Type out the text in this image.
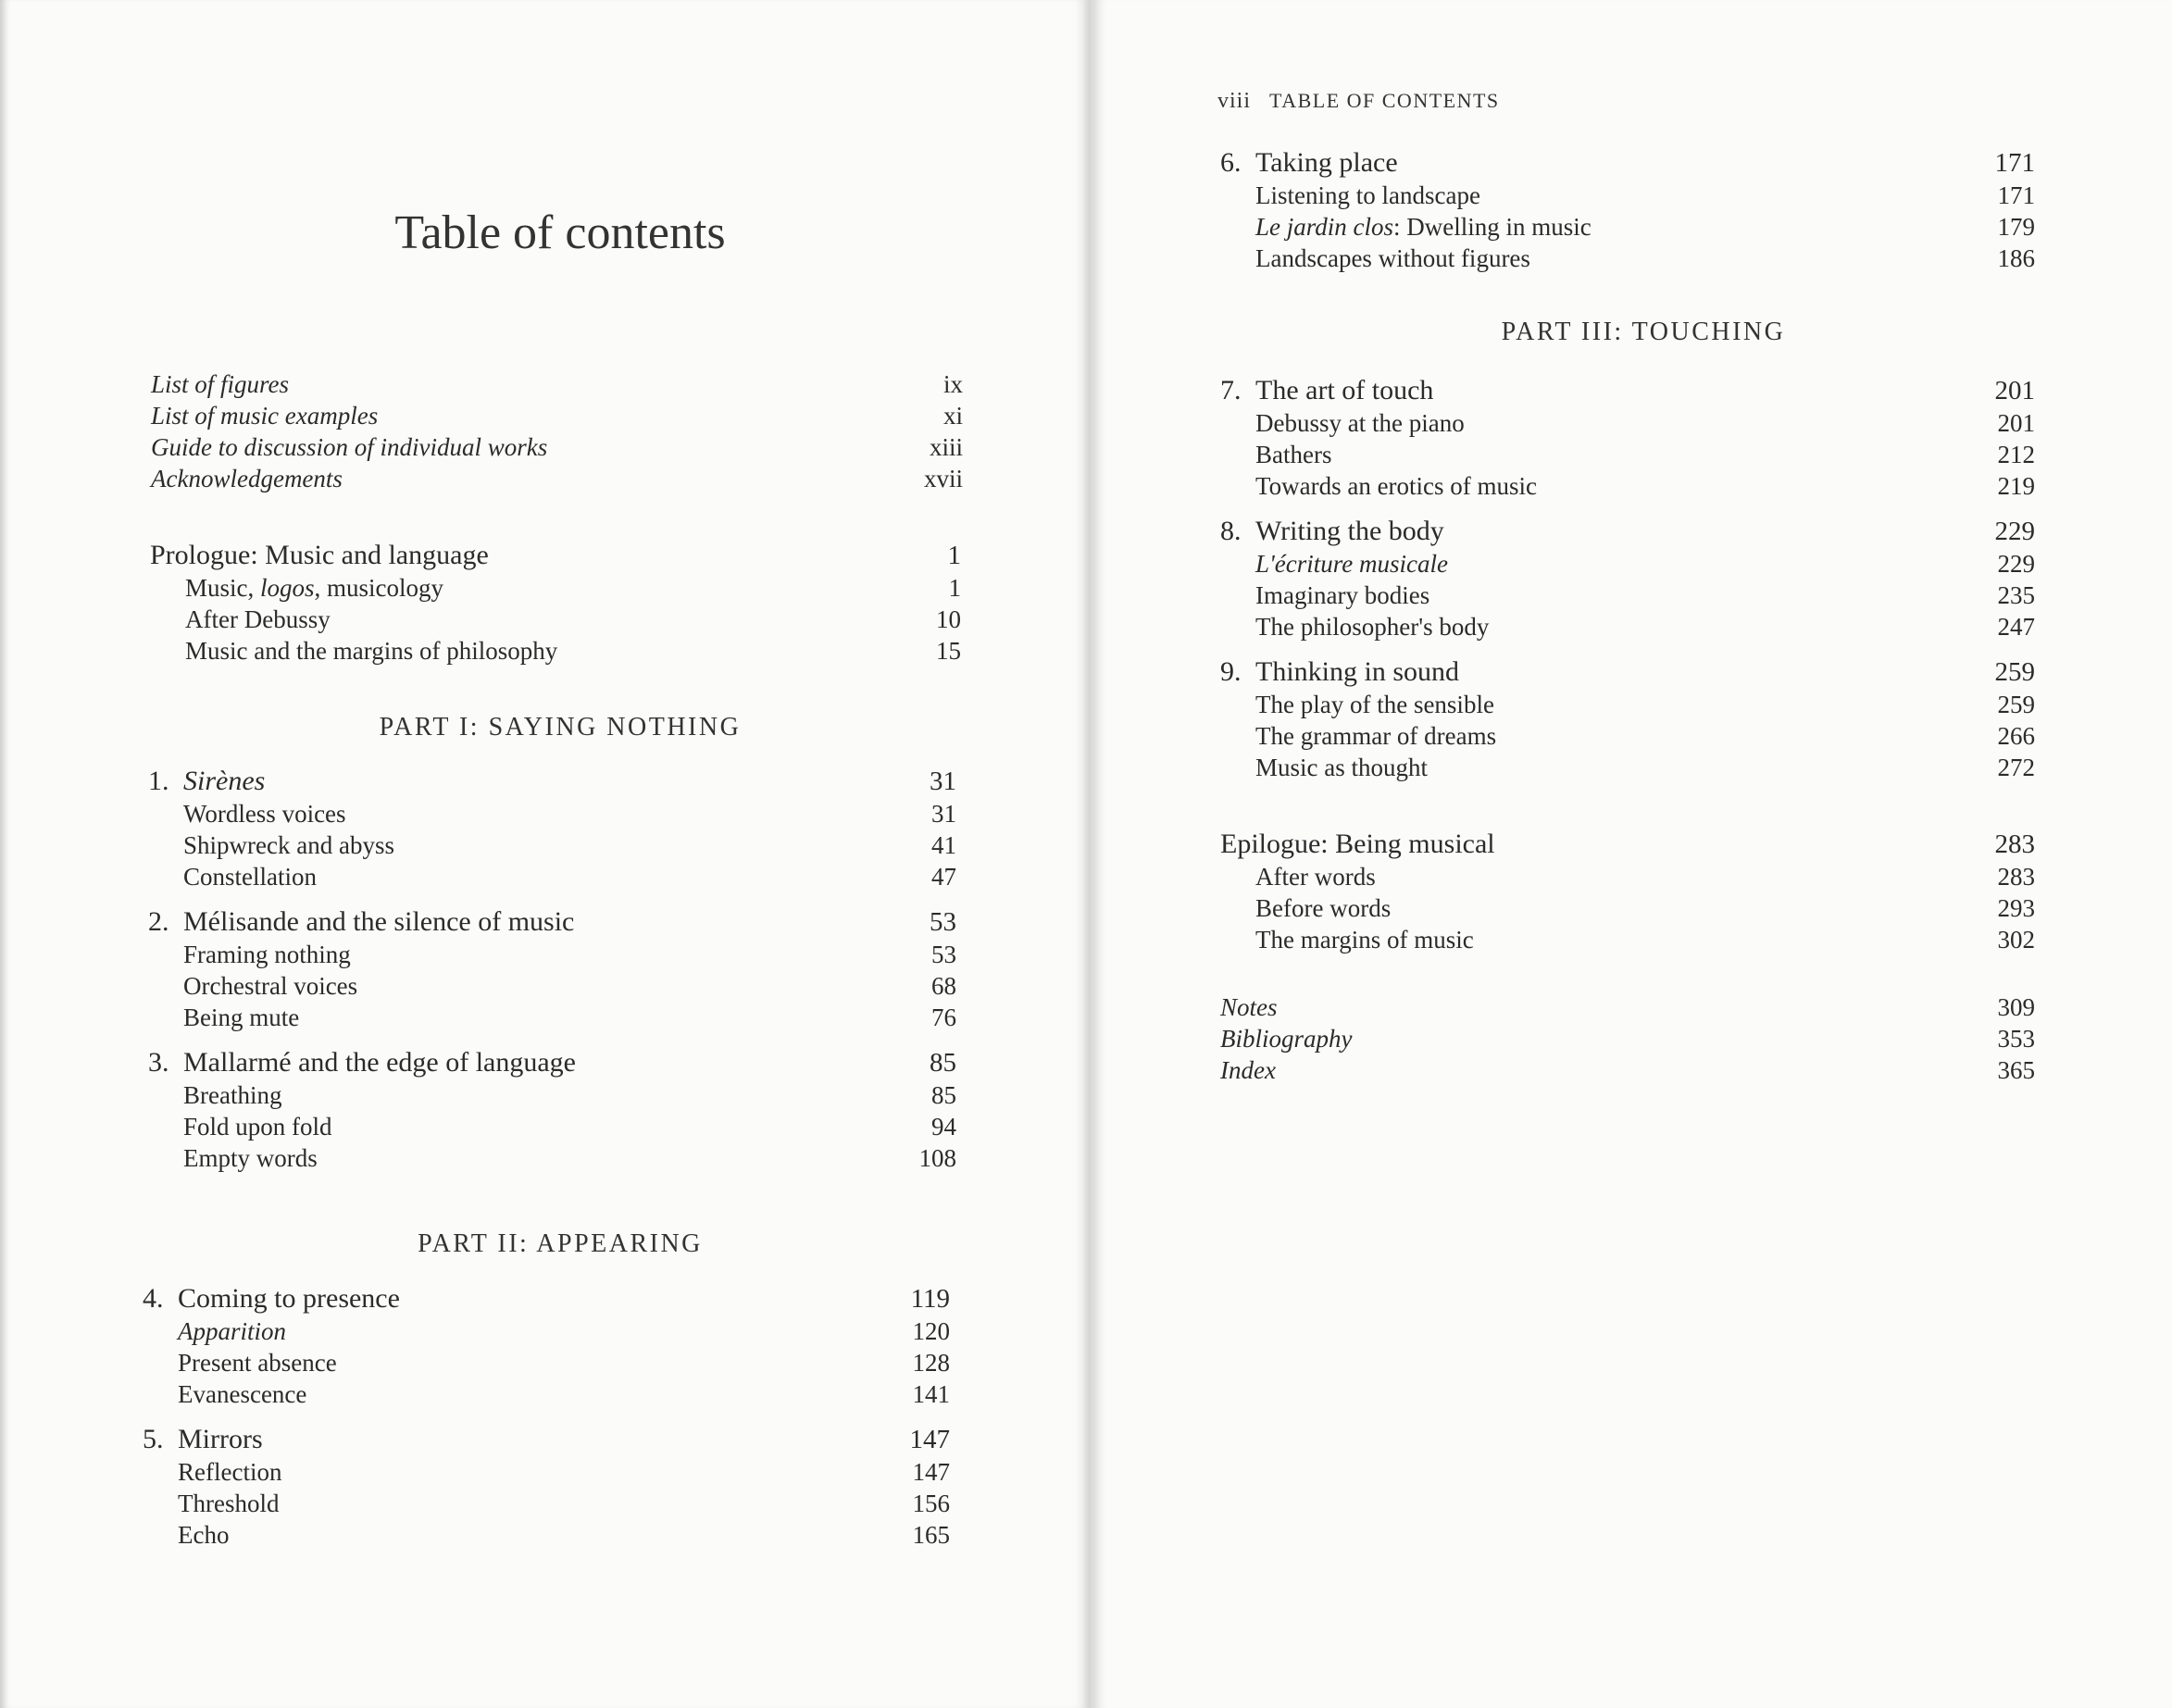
Table of contents
List of figures	ix
List of music examples	xi
Guide to discussion of individual works	xiii
Acknowledgements	xvii
Prologue: Music and language	1
Music, logos, musicology	1
After Debussy	10
Music and the margins of philosophy	15
PART I: SAYING NOTHING
1. Sirènes	31
Wordless voices	31
Shipwreck and abyss	41
Constellation	47
2. Mélisande and the silence of music	53
Framing nothing	53
Orchestral voices	68
Being mute	76
3. Mallarmé and the edge of language	85
Breathing	85
Fold upon fold	94
Empty words	108
PART II: APPEARING
4. Coming to presence	119
Apparition	120
Present absence	128
Evanescence	141
5. Mirrors	147
Reflection	147
Threshold	156
Echo	165
viii TABLE OF CONTENTS
6. Taking place	171
Listening to landscape	171
Le jardin clos: Dwelling in music	179
Landscapes without figures	186
PART III: TOUCHING
7. The art of touch	201
Debussy at the piano	201
Bathers	212
Towards an erotics of music	219
8. Writing the body	229
L'écriture musicale	229
Imaginary bodies	235
The philosopher's body	247
9. Thinking in sound	259
The play of the sensible	259
The grammar of dreams	266
Music as thought	272
Epilogue: Being musical	283
After words	283
Before words	293
The margins of music	302
Notes	309
Bibliography	353
Index	365
